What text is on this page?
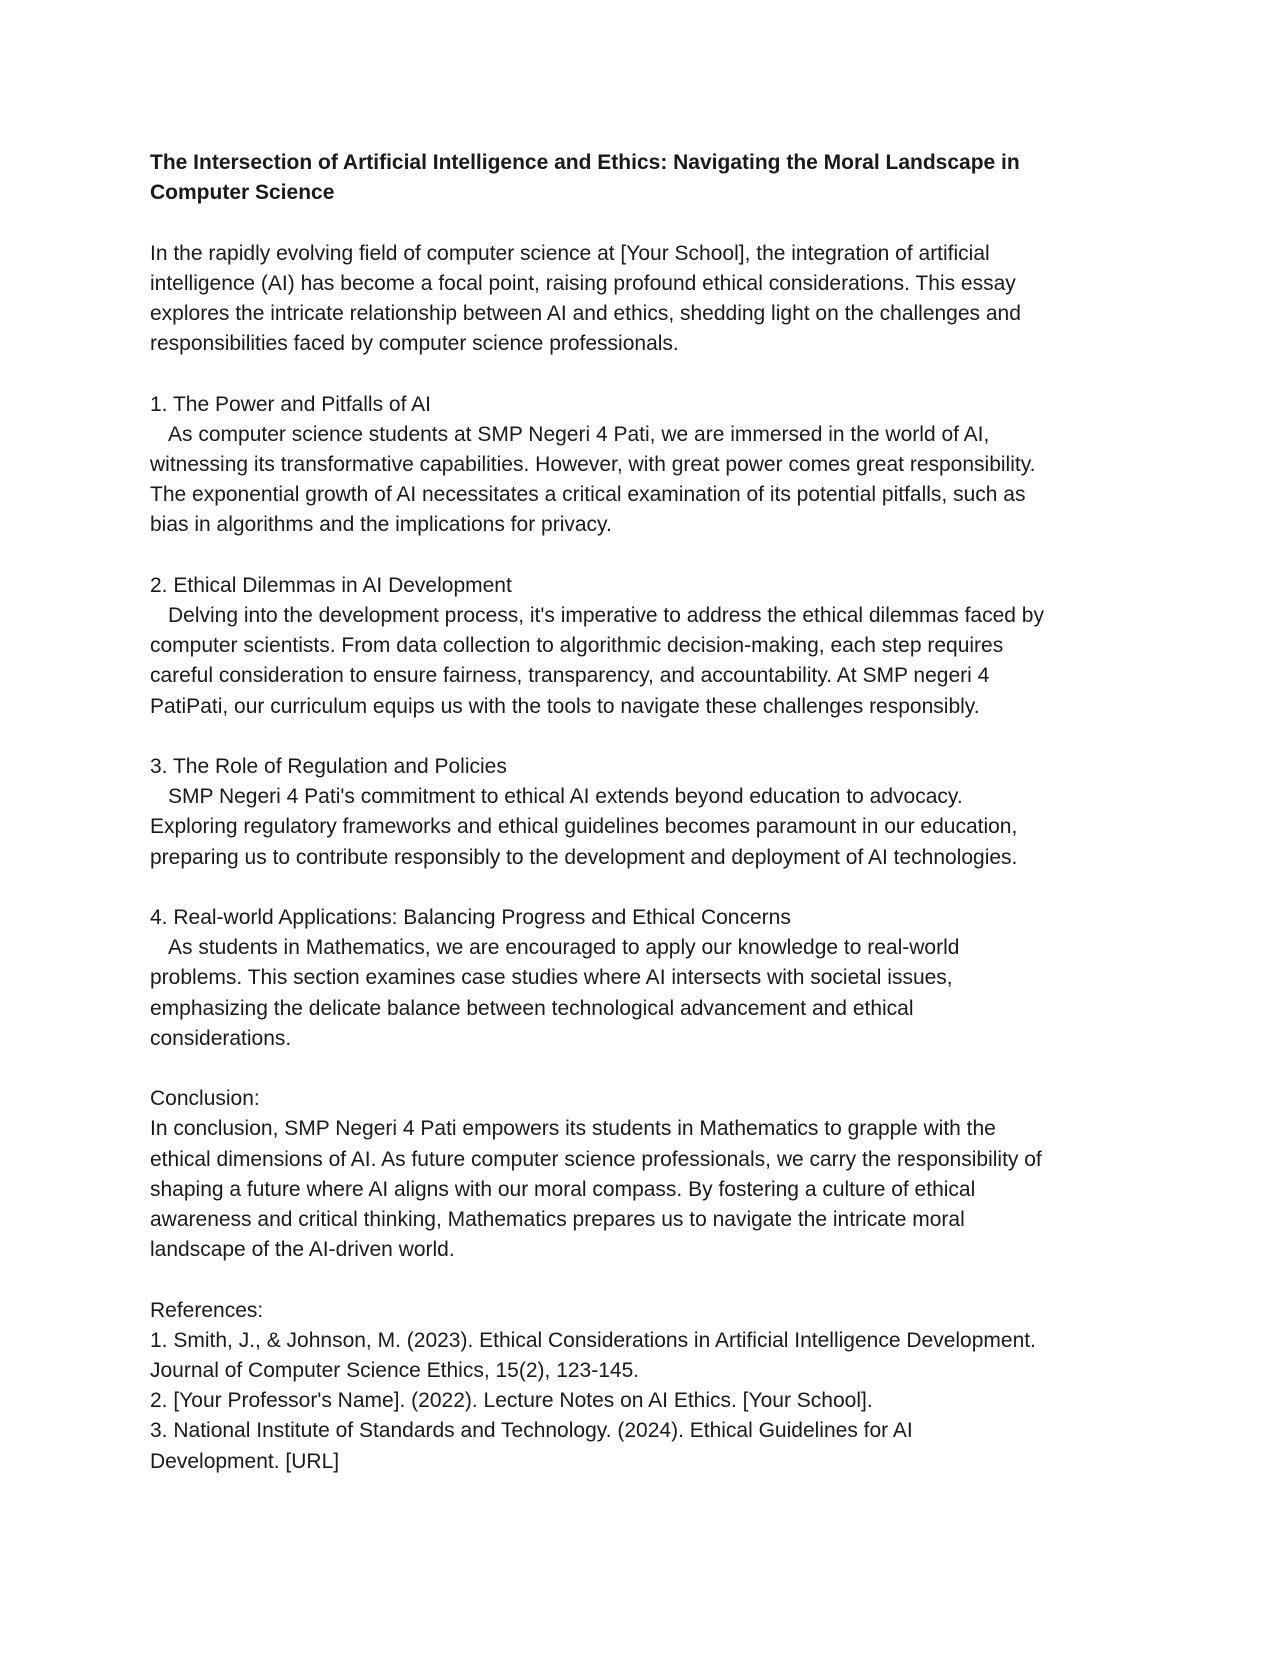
The Intersection of Artificial Intelligence and Ethics: Navigating the Moral Landscape in
Computer Science
In the rapidly evolving field of computer science at [Your School], the integration of artificial
intelligence (AI) has become a focal point, raising profound ethical considerations. This essay
explores the intricate relationship between AI and ethics, shedding light on the challenges and
responsibilities faced by computer science professionals.
1. The Power and Pitfalls of AI
As computer science students at SMP Negeri 4 Pati, we are immersed in the world of AI,
witnessing its transformative capabilities. However, with great power comes great responsibility.
The exponential growth of AI necessitates a critical examination of its potential pitfalls, such as
bias in algorithms and the implications for privacy.
2. Ethical Dilemmas in AI Development
Delving into the development process, it's imperative to address the ethical dilemmas faced by
computer scientists. From data collection to algorithmic decision-making, each step requires
careful consideration to ensure fairness, transparency, and accountability. At SMP negeri 4
PatiPati, our curriculum equips us with the tools to navigate these challenges responsibly.
3. The Role of Regulation and Policies
SMP Negeri 4 Pati's commitment to ethical AI extends beyond education to advocacy.
Exploring regulatory frameworks and ethical guidelines becomes paramount in our education,
preparing us to contribute responsibly to the development and deployment of AI technologies.
4. Real-world Applications: Balancing Progress and Ethical Concerns
As students in Mathematics, we are encouraged to apply our knowledge to real-world
problems. This section examines case studies where AI intersects with societal issues,
emphasizing the delicate balance between technological advancement and ethical
considerations.
Conclusion:
In conclusion, SMP Negeri 4 Pati empowers its students in Mathematics to grapple with the
ethical dimensions of AI. As future computer science professionals, we carry the responsibility of
shaping a future where AI aligns with our moral compass. By fostering a culture of ethical
awareness and critical thinking, Mathematics prepares us to navigate the intricate moral
landscape of the AI-driven world.
References:
1. Smith, J., & Johnson, M. (2023). Ethical Considerations in Artificial Intelligence Development.
Journal of Computer Science Ethics, 15(2), 123-145.
2. [Your Professor's Name]. (2022). Lecture Notes on AI Ethics. [Your School].
3. National Institute of Standards and Technology. (2024). Ethical Guidelines for AI
Development. [URL]
